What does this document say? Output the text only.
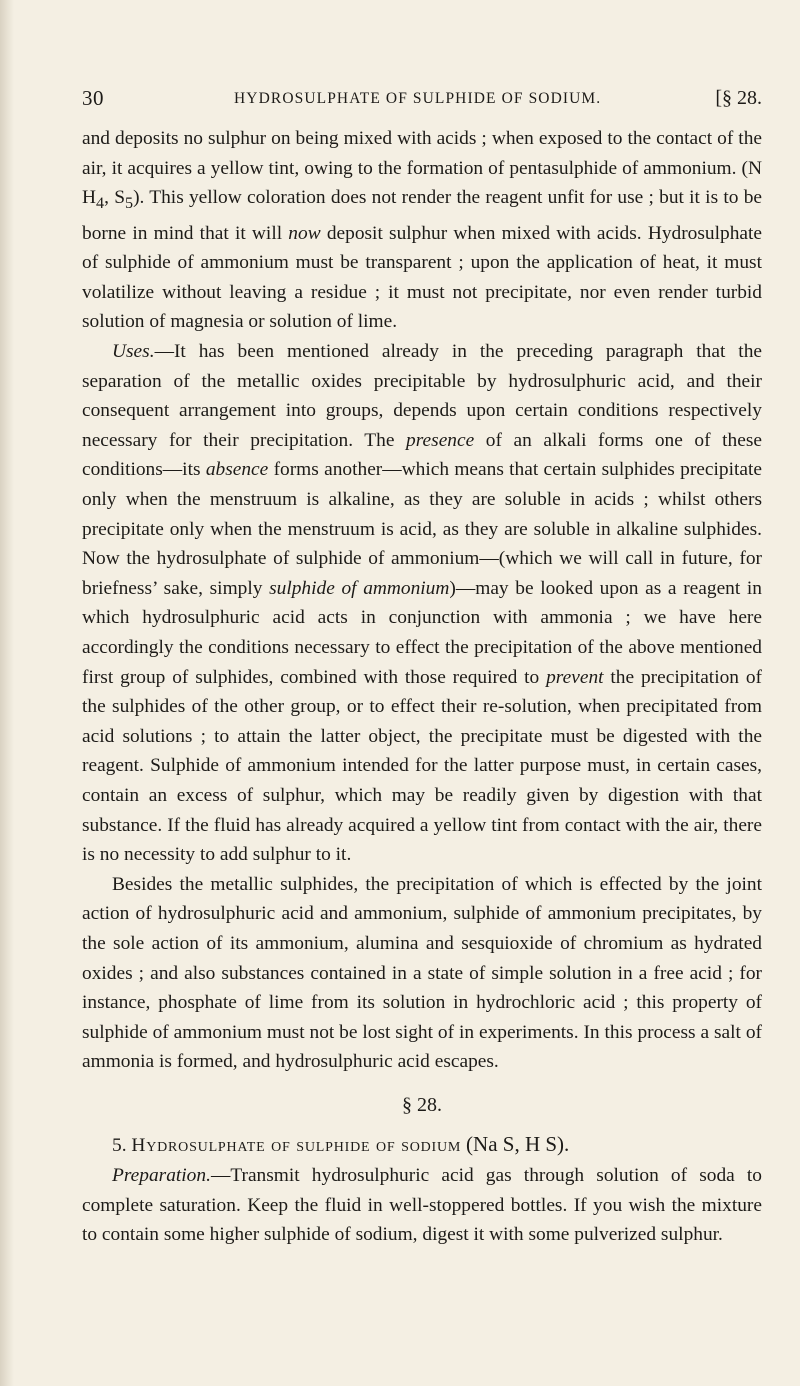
30	HYDROSULPHATE OF SULPHIDE OF SODIUM.	[§ 28.

and deposits no sulphur on being mixed with acids ; when exposed to the contact of the air, it acquires a yellow tint, owing to the formation of pentasulphide of ammonium. (N $H_4$, $S_5$). This yellow coloration does not render the reagent unfit for use ; but it is to be borne in mind that it will now deposit sulphur when mixed with acids. Hydrosulphate of sulphide of ammonium must be transparent ; upon the application of heat, it must volatilize without leaving a residue ; it must not precipitate, nor even render turbid solution of magnesia or solution of lime.

Uses.—It has been mentioned already in the preceding paragraph that the separation of the metallic oxides precipitable by hydrosulphuric acid, and their consequent arrangement into groups, depends upon certain conditions respectively necessary for their precipitation. The presence of an alkali forms one of these conditions—its absence forms another—which means that certain sulphides precipitate only when the menstruum is alkaline, as they are soluble in acids ; whilst others precipitate only when the menstruum is acid, as they are soluble in alkaline sulphides. Now the hydrosulphate of sulphide of ammonium—(which we will call in future, for briefness’ sake, simply sulphide of ammonium)—may be looked upon as a reagent in which hydrosulphuric acid acts in conjunction with ammonia ; we have here accordingly the conditions necessary to effect the precipitation of the above mentioned first group of sulphides, combined with those required to prevent the precipitation of the sulphides of the other group, or to effect their re-solution, when precipitated from acid solutions ; to attain the latter object, the precipitate must be digested with the reagent. Sulphide of ammonium intended for the latter purpose must, in certain cases, contain an excess of sulphur, which may be readily given by digestion with that substance. If the fluid has already acquired a yellow tint from contact with the air, there is no necessity to add sulphur to it.

Besides the metallic sulphides, the precipitation of which is effected by the joint action of hydrosulphuric acid and ammonium, sulphide of ammonium precipitates, by the sole action of its ammonium, alumina and sesquioxide of chromium as hydrated oxides ; and also substances contained in a state of simple solution in a free acid ; for instance, phosphate of lime from its solution in hydrochloric acid ; this property of sulphide of ammonium must not be lost sight of in experiments. In this process a salt of ammonia is formed, and hydrosulphuric acid escapes.

§ 28.

5. Hydrosulphate of sulphide of sodium (Na S, H S).

Preparation.—Transmit hydrosulphuric acid gas through solution of soda to complete saturation. Keep the fluid in well-stoppered bottles. If you wish the mixture to contain some higher sulphide of sodium, digest it with some pulverized sulphur.
